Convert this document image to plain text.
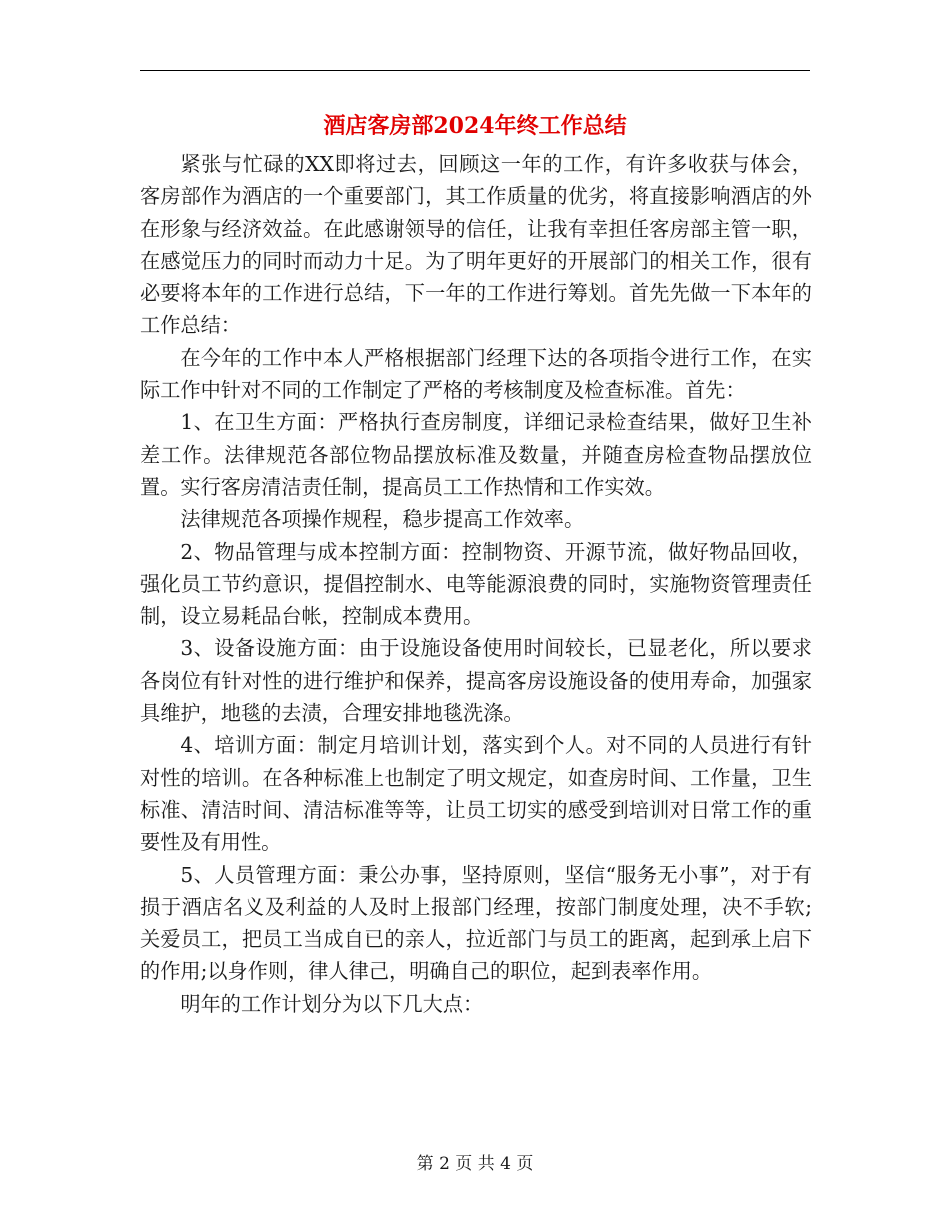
酒店客房部2024年终工作总结

紧张与忙碌的XX即将过去，回顾这一年的工作，有许多收获与体会，客房部作为酒店的一个重要部门，其工作质量的优劣，将直接影响酒店的外在形象与经济效益。在此感谢领导的信任，让我有幸担任客房部主管一职，在感觉压力的同时而动力十足。为了明年更好的开展部门的相关工作，很有必要将本年的工作进行总结，下一年的工作进行筹划。首先先做一下本年的工作总结：

在今年的工作中本人严格根据部门经理下达的各项指令进行工作，在实际工作中针对不同的工作制定了严格的考核制度及检查标准。首先：

1、在卫生方面：严格执行查房制度，详细记录检查结果，做好卫生补差工作。法律规范各部位物品摆放标准及数量，并随查房检查物品摆放位置。实行客房清洁责任制，提高员工工作热情和工作实效。

法律规范各项操作规程，稳步提高工作效率。

2、物品管理与成本控制方面：控制物资、开源节流，做好物品回收，强化员工节约意识，提倡控制水、电等能源浪费的同时，实施物资管理责任制，设立易耗品台帐，控制成本费用。

3、设备设施方面：由于设施设备使用时间较长，已显老化，所以要求各岗位有针对性的进行维护和保养，提高客房设施设备的使用寿命，加强家具维护，地毯的去渍，合理安排地毯洗涤。

4、培训方面：制定月培训计划，落实到个人。对不同的人员进行有针对性的培训。在各种标准上也制定了明文规定，如查房时间、工作量，卫生标准、清洁时间、清洁标准等等，让员工切实的感受到培训对日常工作的重要性及有用性。

5、人员管理方面：秉公办事，坚持原则，坚信“服务无小事”，对于有损于酒店名义及利益的人及时上报部门经理，按部门制度处理，决不手软;关爱员工，把员工当成自已的亲人，拉近部门与员工的距离，起到承上启下的作用;以身作则，律人律己，明确自己的职位，起到表率作用。

明年的工作计划分为以下几大点：

第 2 页 共 4 页
